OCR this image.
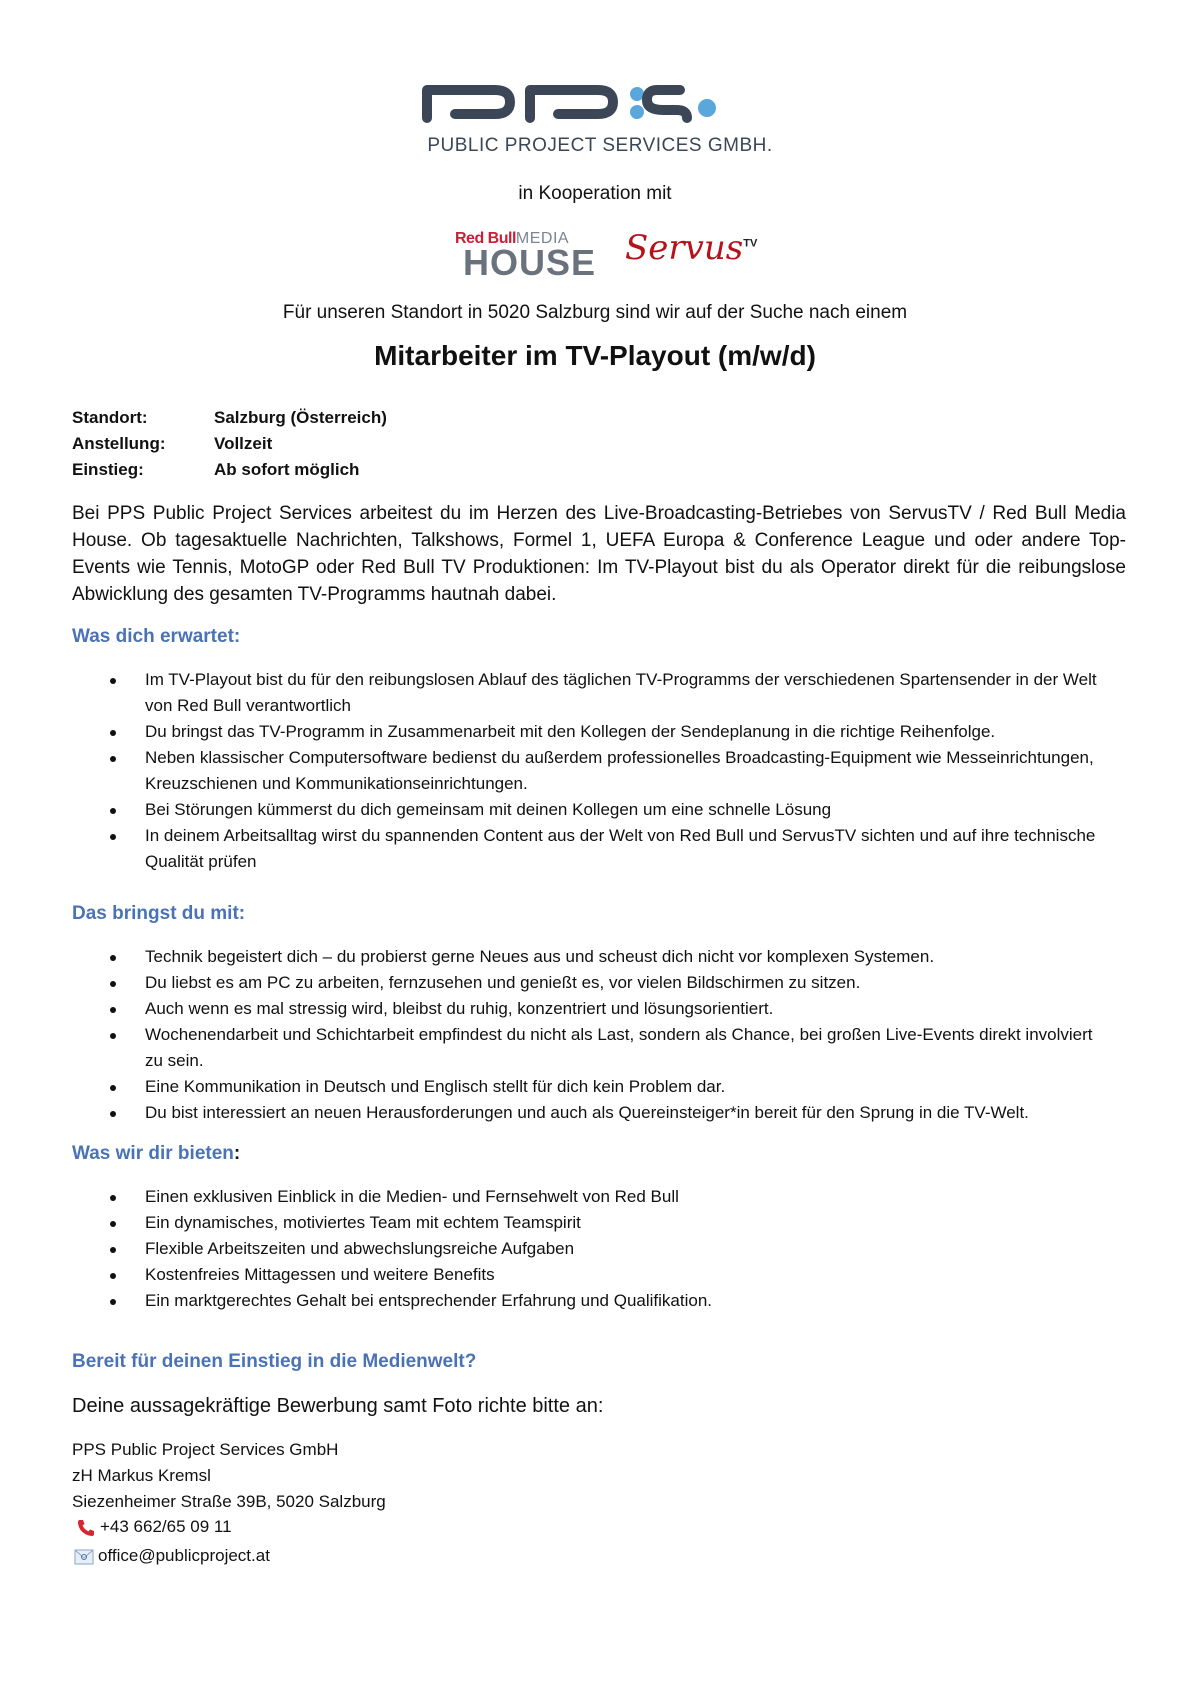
PUBLIC PROJECT SERVICES GMBH.
in Kooperation mit
Red BullMEDIA
HOUSE Servus$^{TV}$
Für unseren Standort in 5020 Salzburg sind wir auf der Suche nach einem
Mitarbeiter im TV-Playout (m/w/d)
Standort:	Salzburg (Österreich)
Anstellung:	Vollzeit
Einstieg:	Ab sofort möglich
Bei PPS Public Project Services arbeitest du im Herzen des Live-Broadcasting-Betriebes von ServusTV / Red Bull Media House. Ob tagesaktuelle Nachrichten, Talkshows, Formel 1, UEFA Europa & Conference League und oder andere Top-Events wie Tennis, MotoGP oder Red Bull TV Produktionen: Im TV-Playout bist du als Operator direkt für die reibungslose Abwicklung des gesamten TV-Programms hautnah dabei.
Was dich erwartet:
Im TV-Playout bist du für den reibungslosen Ablauf des täglichen TV-Programms der verschiedenen Spartensender in der Welt von Red Bull verantwortlich
Du bringst das TV-Programm in Zusammenarbeit mit den Kollegen der Sendeplanung in die richtige Reihenfolge.
Neben klassischer Computersoftware bedienst du außerdem professionelles Broadcasting-Equipment wie Messeinrichtungen, Kreuzschienen und Kommunikationseinrichtungen.
Bei Störungen kümmerst du dich gemeinsam mit deinen Kollegen um eine schnelle Lösung
In deinem Arbeitsalltag wirst du spannenden Content aus der Welt von Red Bull und ServusTV sichten und auf ihre technische Qualität prüfen
Das bringst du mit:
Technik begeistert dich – du probierst gerne Neues aus und scheust dich nicht vor komplexen Systemen.
Du liebst es am PC zu arbeiten, fernzusehen und genießt es, vor vielen Bildschirmen zu sitzen.
Auch wenn es mal stressig wird, bleibst du ruhig, konzentriert und lösungsorientiert.
Wochenendarbeit und Schichtarbeit empfindest du nicht als Last, sondern als Chance, bei großen Live-Events direkt involviert zu sein.
Eine Kommunikation in Deutsch und Englisch stellt für dich kein Problem dar.
Du bist interessiert an neuen Herausforderungen und auch als Quereinsteiger*in bereit für den Sprung in die TV-Welt.
Was wir dir bieten:
Einen exklusiven Einblick in die Medien- und Fernsehwelt von Red Bull
Ein dynamisches, motiviertes Team mit echtem Teamspirit
Flexible Arbeitszeiten und abwechslungsreiche Aufgaben
Kostenfreies Mittagessen und weitere Benefits
Ein marktgerechtes Gehalt bei entsprechender Erfahrung und Qualifikation.
Bereit für deinen Einstieg in die Medienwelt?
Deine aussagekräftige Bewerbung samt Foto richte bitte an:
PPS Public Project Services GmbH
zH Markus Kremsl
Siezenheimer Straße 39B, 5020 Salzburg
+43 662/65 09 11
office@publicproject.at
